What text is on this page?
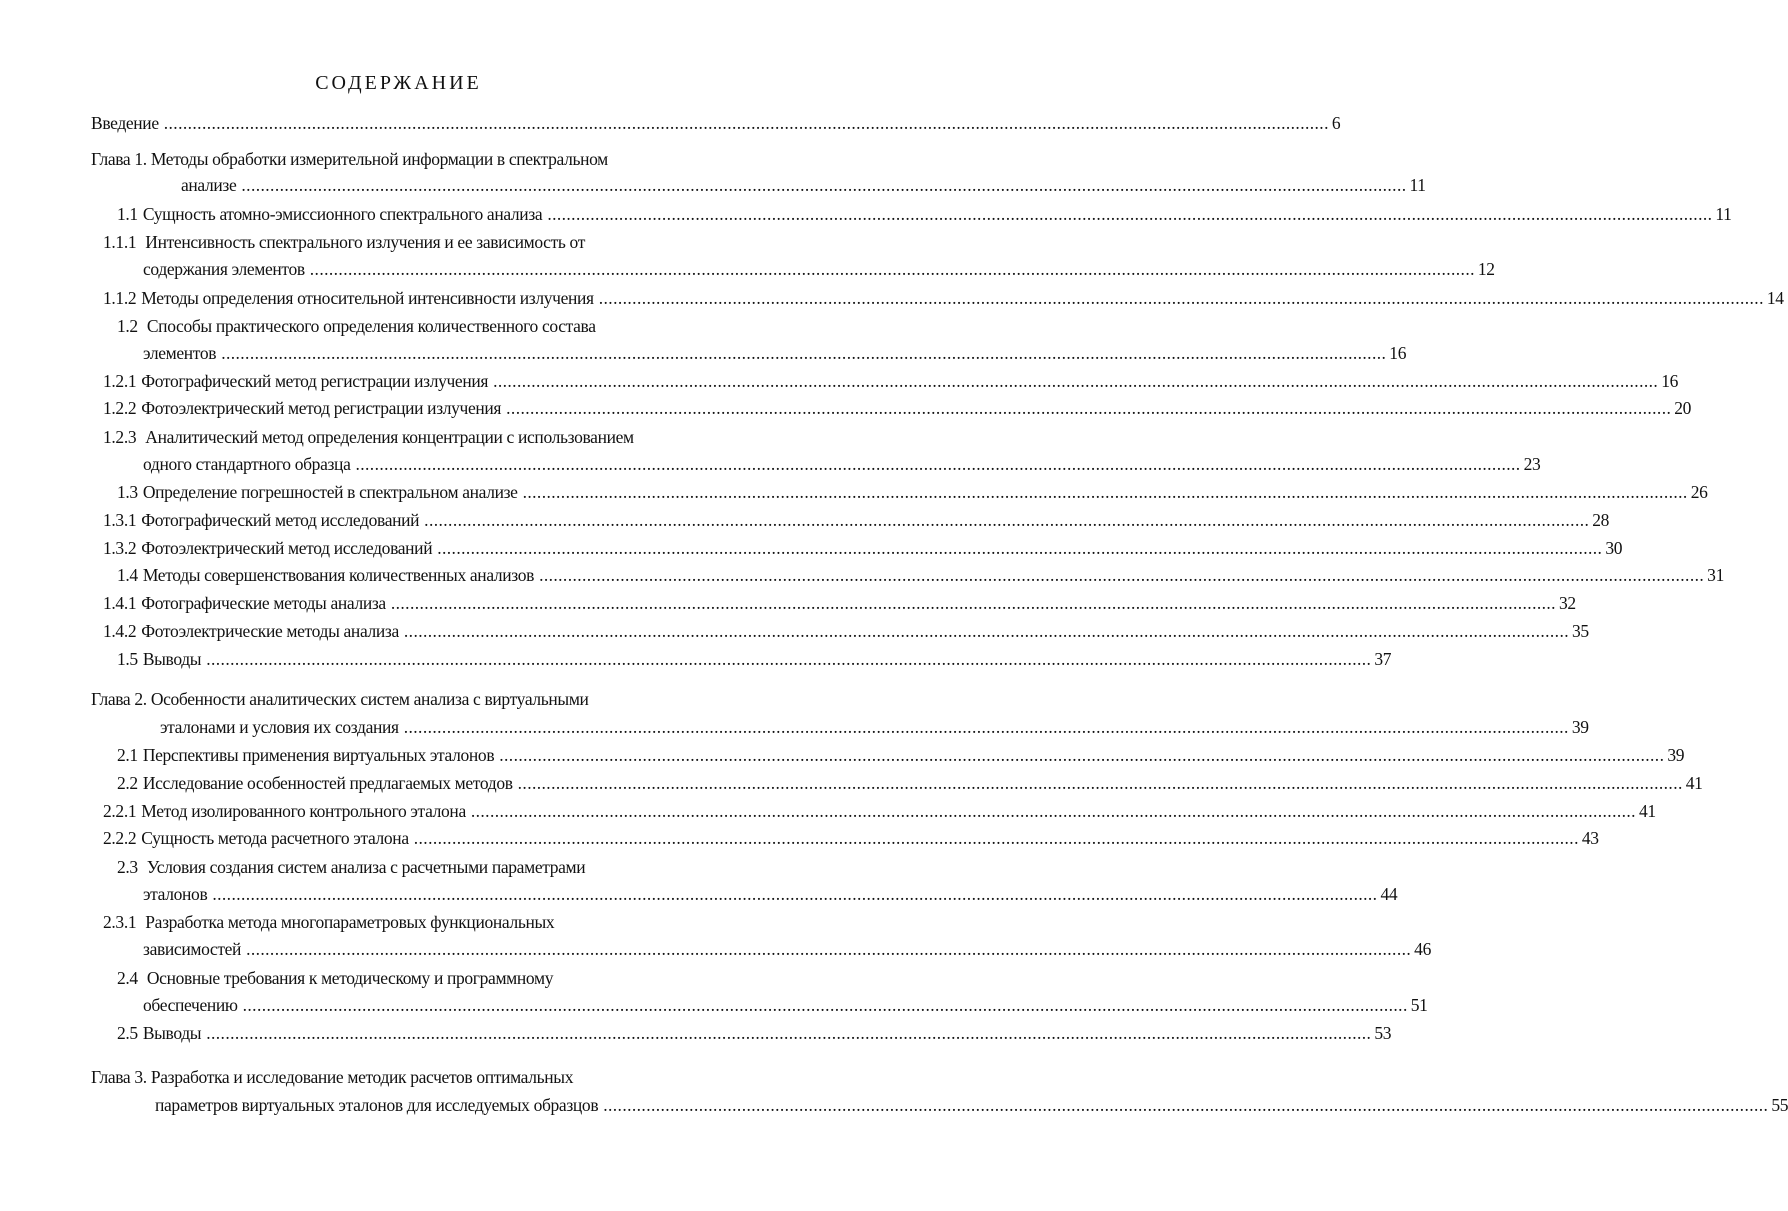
СОДЕРЖАНИЕ
Введение .................................................................................................................................................................................................................................................... 6
Глава 1. Методы обработки измерительной информации в спектральном
анализе .................................................................................................................................................................................................................................................... 11
1.1 Сущность атомно-эмиссионного спектрального анализа .................................................................................................................................................................................................................................................... 11
1.1.1 Интенсивность спектрального излучения и ее зависимость от
содержания элементов .................................................................................................................................................................................................................................................... 12
1.1.2 Методы определения относительной интенсивности излучения .................................................................................................................................................................................................................................................... 14
1.2 Способы практического определения количественного состава
элементов .................................................................................................................................................................................................................................................... 16
1.2.1 Фотографический метод регистрации излучения .................................................................................................................................................................................................................................................... 16
1.2.2 Фотоэлектрический метод регистрации излучения .................................................................................................................................................................................................................................................... 20
1.2.3 Аналитический метод определения концентрации с использованием
одного стандартного образца .................................................................................................................................................................................................................................................... 23
1.3 Определение погрешностей в спектральном анализе .................................................................................................................................................................................................................................................... 26
1.3.1 Фотографический метод исследований .................................................................................................................................................................................................................................................... 28
1.3.2 Фотоэлектрический метод исследований .................................................................................................................................................................................................................................................... 30
1.4 Методы совершенствования количественных анализов .................................................................................................................................................................................................................................................... 31
1.4.1 Фотографические методы анализа .................................................................................................................................................................................................................................................... 32
1.4.2 Фотоэлектрические методы анализа .................................................................................................................................................................................................................................................... 35
1.5 Выводы .................................................................................................................................................................................................................................................... 37
Глава 2. Особенности аналитических систем анализа с виртуальными
эталонами и условия их создания .................................................................................................................................................................................................................................................... 39
2.1 Перспективы применения виртуальных эталонов .................................................................................................................................................................................................................................................... 39
2.2 Исследование особенностей предлагаемых методов .................................................................................................................................................................................................................................................... 41
2.2.1 Метод изолированного контрольного эталона .................................................................................................................................................................................................................................................... 41
2.2.2 Сущность метода расчетного эталона .................................................................................................................................................................................................................................................... 43
2.3 Условия создания систем анализа с расчетными параметрами
эталонов .................................................................................................................................................................................................................................................... 44
2.3.1 Разработка метода многопараметровых функциональных
зависимостей .................................................................................................................................................................................................................................................... 46
2.4 Основные требования к методическому и программному
обеспечению .................................................................................................................................................................................................................................................... 51
2.5 Выводы .................................................................................................................................................................................................................................................... 53
Глава 3. Разработка и исследование методик расчетов оптимальных
параметров виртуальных эталонов для исследуемых образцов .................................................................................................................................................................................................................................................... 55
